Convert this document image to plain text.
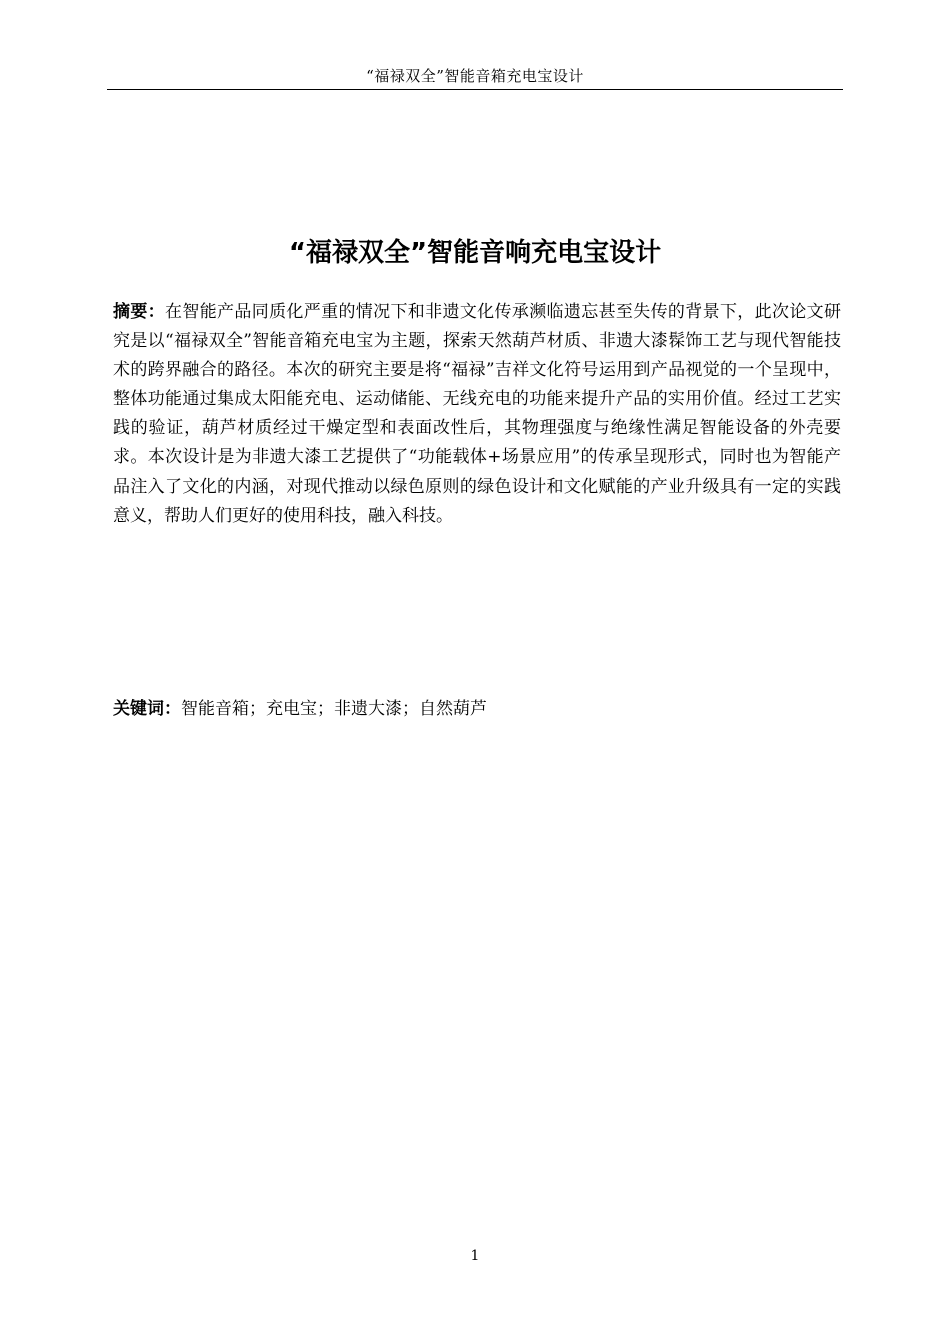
“福禄双全”智能音箱充电宝设计
“福禄双全”智能音响充电宝设计

摘要：在智能产品同质化严重的情况下和非遗文化传承濒临遗忘甚至失传的背景下，此次论文研究是以“福禄双全”智能音箱充电宝为主题，探索天然葫芦材质、非遗大漆髹饰工艺与现代智能技术的跨界融合的路径。本次的研究主要是将“福禄”吉祥文化符号运用到产品视觉的一个呈现中，整体功能通过集成太阳能充电、运动储能、无线充电的功能来提升产品的实用价值。经过工艺实践的验证，葫芦材质经过干燥定型和表面改性后，其物理强度与绝缘性满足智能设备的外壳要求。本次设计是为非遗大漆工艺提供了“功能载体+场景应用”的传承呈现形式，同时也为智能产品注入了文化的内涵，对现代推动以绿色原则的绿色设计和文化赋能的产业升级具有一定的实践意义，帮助人们更好的使用科技，融入科技。

关键词：智能音箱；充电宝；非遗大漆；自然葫芦

1
